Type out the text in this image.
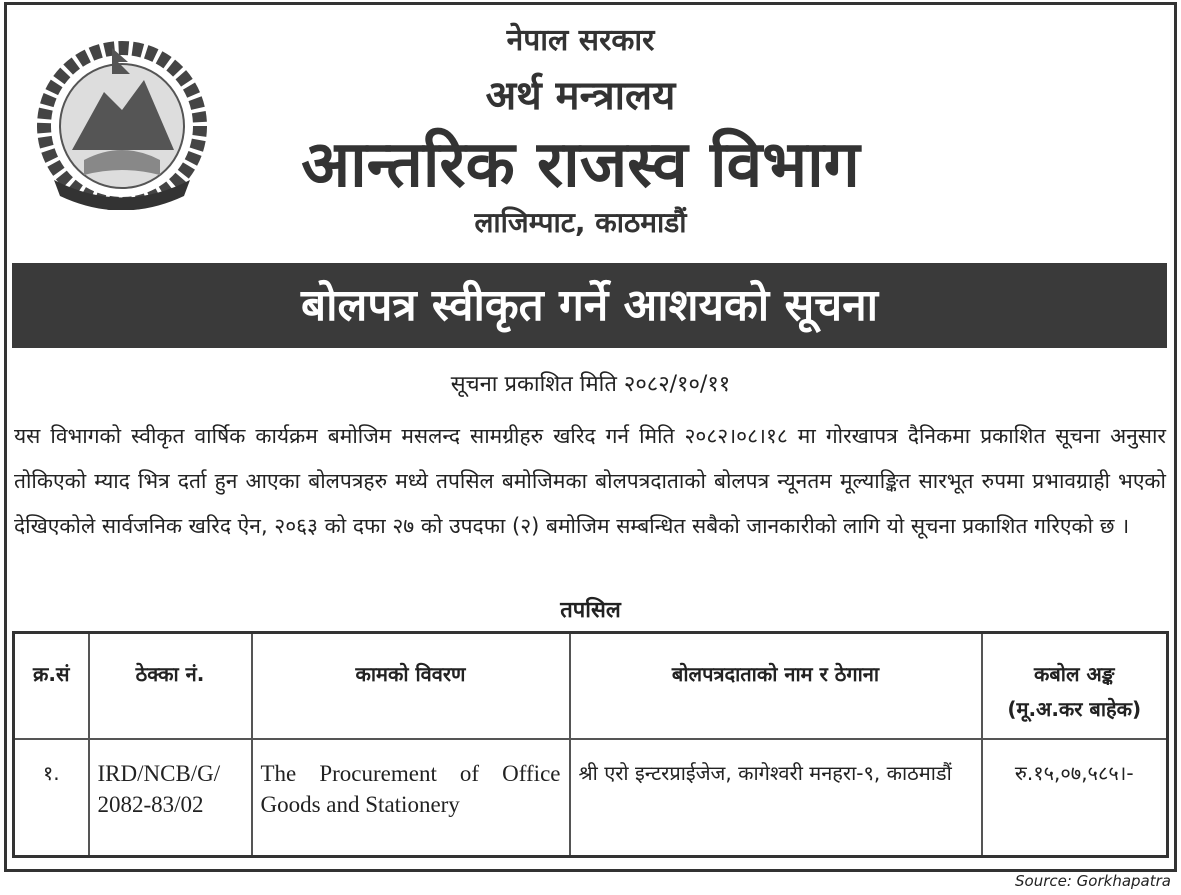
नेपाल सरकार
अर्थ मन्त्रालय
आन्तरिक राजस्व विभाग
लाजिम्पाट, काठमाडौं
बोलपत्र स्वीकृत गर्ने आशयको सूचना
सूचना प्रकाशित मिति २०८२/१०/११
यस विभागको स्वीकृत वार्षिक कार्यक्रम बमोजिम मसलन्द सामग्रीहरु खरिद गर्न मिति २०८२।०८।१८ मा गोरखापत्र दैनिकमा प्रकाशित सूचना अनुसार तोकिएको म्याद भित्र दर्ता हुन आएका बोलपत्रहरु मध्ये तपसिल बमोजिमका बोलपत्रदाताको बोलपत्र न्यूनतम मूल्याङ्कित सारभूत रुपमा प्रभावग्राही भएको देखिएकोले सार्वजनिक खरिद ऐन, २०६३ को दफा २७ को उपदफा (२) बमोजिम सम्बन्धित सबैको जानकारीको लागि यो सूचना प्रकाशित गरिएको छ ।
तपसिल
क्र.सं	ठेक्का नं.	कामको विवरण	बोलपत्रदाताको नाम र ठेगाना	कबोल अङ्क
(मू.अ.कर बाहेक)
१.	IRD/NCB/G/ 2082-83/02	The Procurement of Office Goods and Stationery	श्री एरो इन्टरप्राईजेज, कागेश्वरी मनहरा-९, काठमाडौं	रु.१५,०७,५८५।-
Source: Gorkhapatra
